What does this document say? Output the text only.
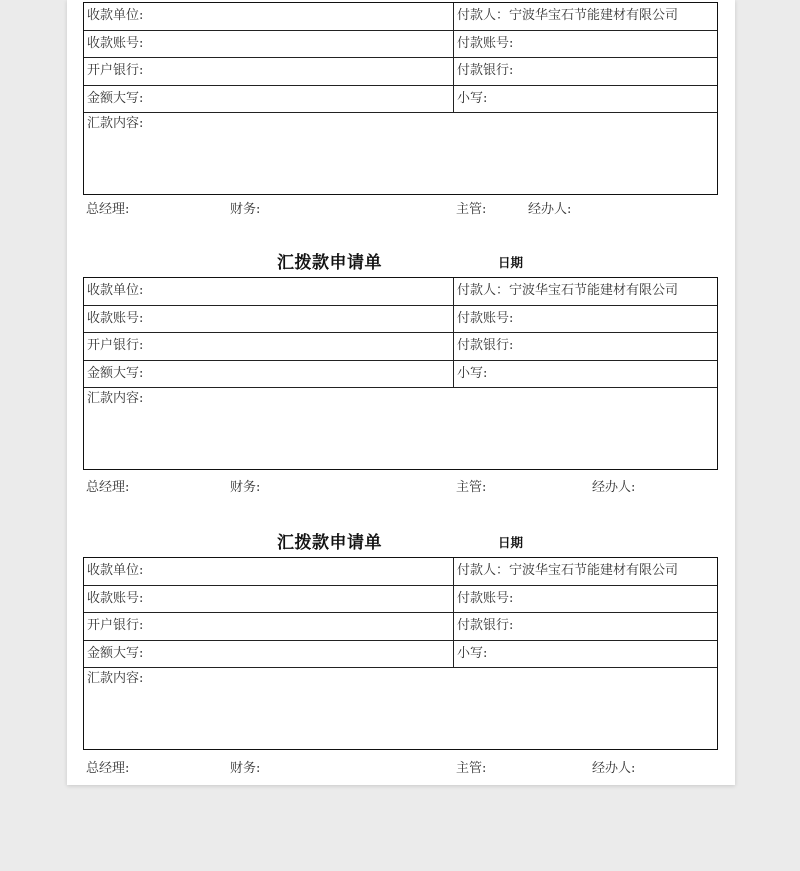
收款单位:	付款人：宁波华宝石节能建材有限公司
收款账号:	付款账号:
开户银行:	付款银行:
金额大写:	小写:
汇款内容:
总经理:	财务:	主管:	经办人:
汇拨款申请单	日期
收款单位:	付款人：宁波华宝石节能建材有限公司
收款账号:	付款账号:
开户银行:	付款银行:
金额大写:	小写:
汇款内容:
总经理:	财务:	主管:	经办人:
汇拨款申请单	日期
收款单位:	付款人：宁波华宝石节能建材有限公司
收款账号:	付款账号:
开户银行:	付款银行:
金额大写:	小写:
汇款内容:
总经理:	财务:	主管:	经办人:
